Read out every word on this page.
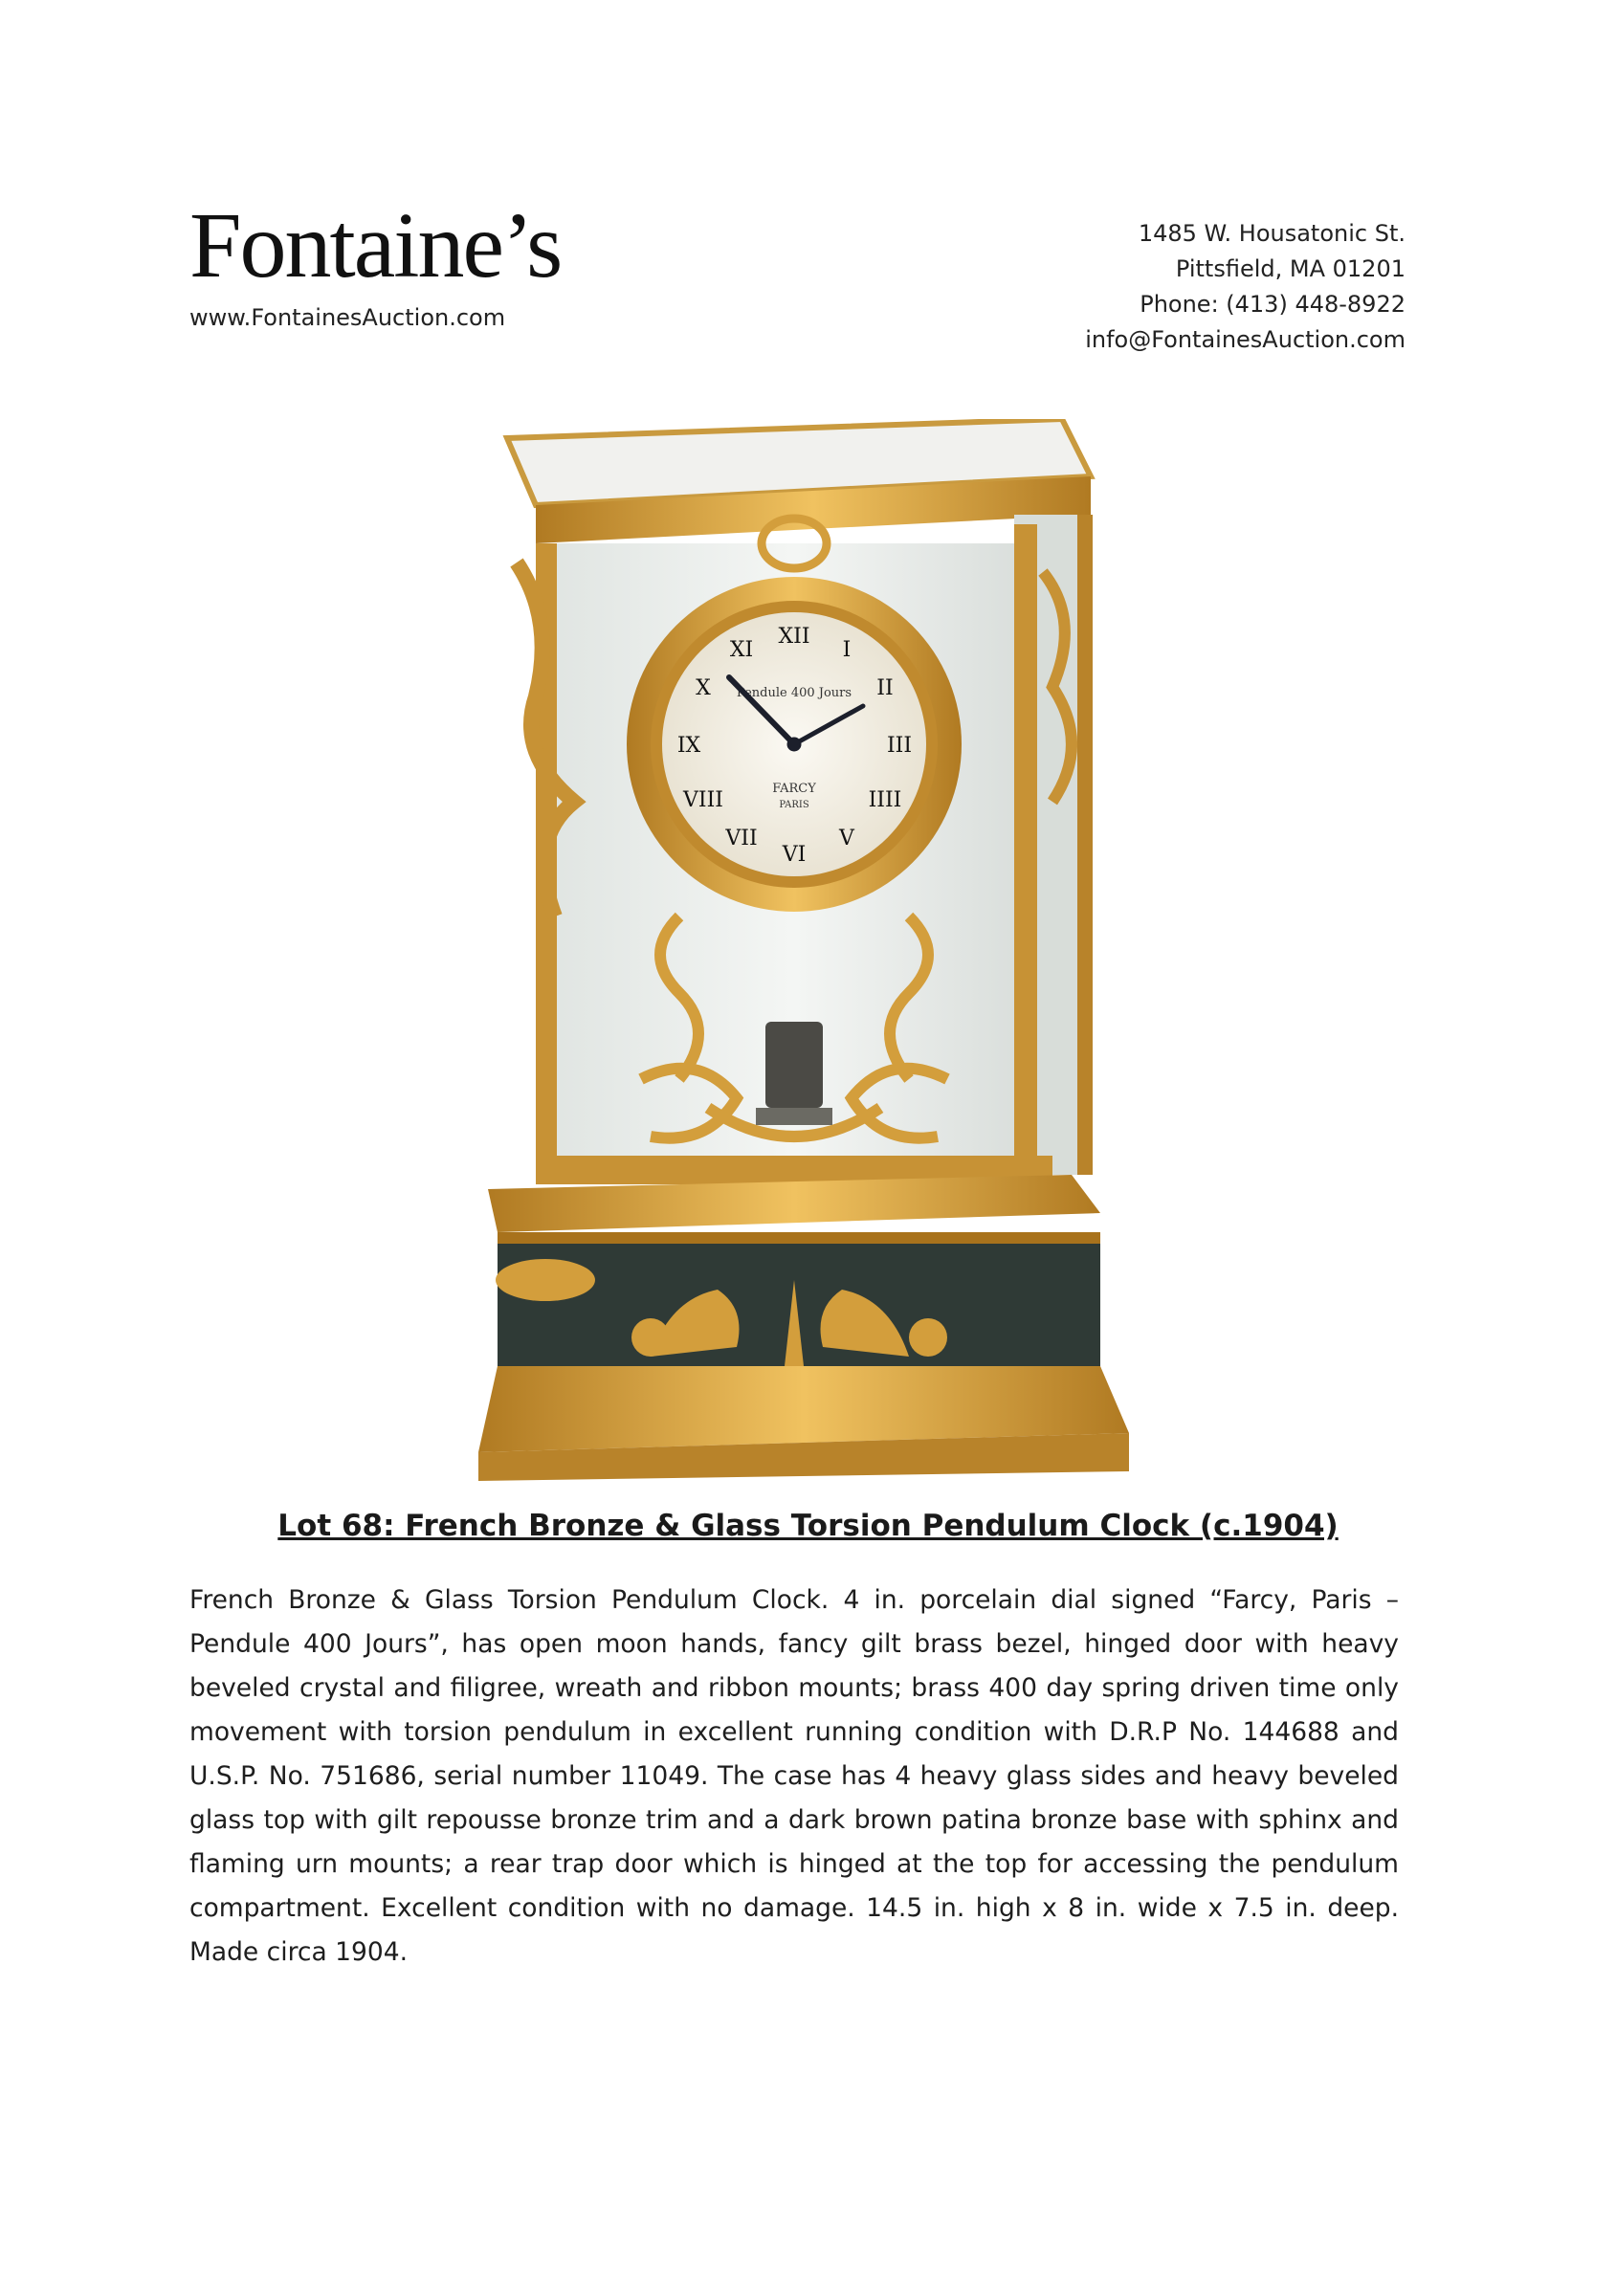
Fontaine’s
www.FontainesAuction.com
1485 W. Housatonic St.
Pittsfield, MA 01201
Phone: (413) 448-8922
info@FontainesAuction.com
XII
I
II
III
IIII
V
VI
VII
VIII
IX
X
XI
Pendule 400 Jours
FARCY
PARIS
Lot 68: French Bronze & Glass Torsion Pendulum Clock (c.1904)
French Bronze & Glass Torsion Pendulum Clock. 4 in. porcelain dial signed “Farcy, Paris – Pendule 400 Jours”, has open moon hands, fancy gilt brass bezel, hinged door with heavy beveled crystal and filigree, wreath and ribbon mounts; brass 400 day spring driven time only movement with torsion pendulum in excellent running condition with D.R.P No. 144688 and U.S.P. No. 751686, serial number 11049. The case has 4 heavy glass sides and heavy beveled glass top with gilt repousse bronze trim and a dark brown patina bronze base with sphinx and flaming urn mounts; a rear trap door which is hinged at the top for accessing the pendulum compartment. Excellent condition with no damage. 14.5 in. high x 8 in. wide x 7.5 in. deep. Made circa 1904.
